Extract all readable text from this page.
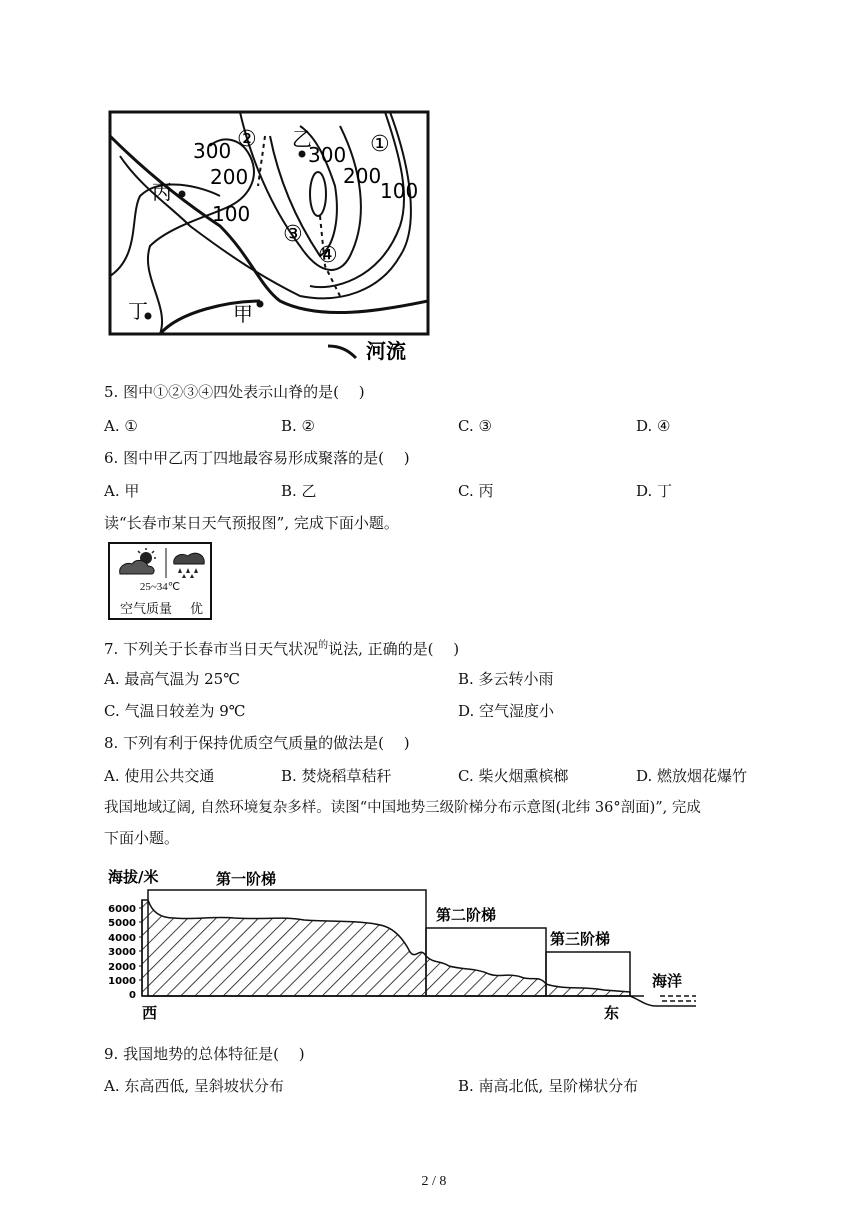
300
200
100
300
200
100
①
②
③
④
乙
丙
丁	甲
河流
5. 图中①②③④四处表示山脊的是(　 )
A. ①	B. ②	C. ③	D. ④
6. 图中甲乙丙丁四地最容易形成聚落的是(　 )
A. 甲	B. 乙	C. 丙	D. 丁
读“长春市某日天气预报图”, 完成下面小题。
25~34℃
空气质量 优
7. 下列关于长春市当日天气状况$^的$说法, 正确的是(　 )
A. 最高气温为 25℃	B. 多云转小雨
C. 气温日较差为 9℃	D. 空气湿度小
8. 下列有利于保持优质空气质量的做法是(　 )
A. 使用公共交通	B. 焚烧稻草秸秆	C. 柴火烟熏槟榔	D. 燃放烟花爆竹
我国地域辽阔, 自然环境复杂多样。读图“中国地势三级阶梯分布示意图(北纬 36°剖面)”, 完成
下面小题。
海拔/米
6000
5000
4000
3000
2000
1000
0
第一阶梯
第二阶梯
第三阶梯
海洋
西	东
9. 我国地势的总体特征是(　 )
A. 东高西低, 呈斜坡状分布	B. 南高北低, 呈阶梯状分布
2 / 8
